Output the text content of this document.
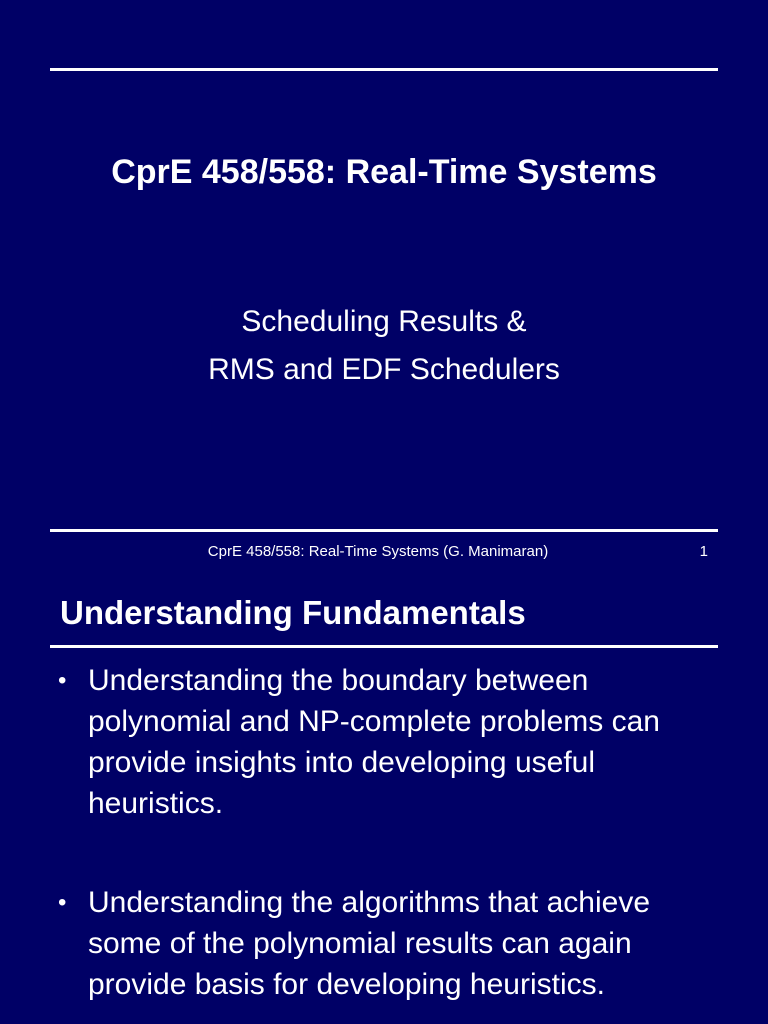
CprE 458/558: Real-Time Systems
Scheduling Results &
RMS and EDF Schedulers
CprE 458/558: Real-Time Systems (G. Manimaran)	1
Understanding Fundamentals
• Understanding the boundary between polynomial and NP-complete problems can provide insights into developing useful heuristics.
• Understanding the algorithms that achieve some of the polynomial results can again provide basis for developing heuristics.
